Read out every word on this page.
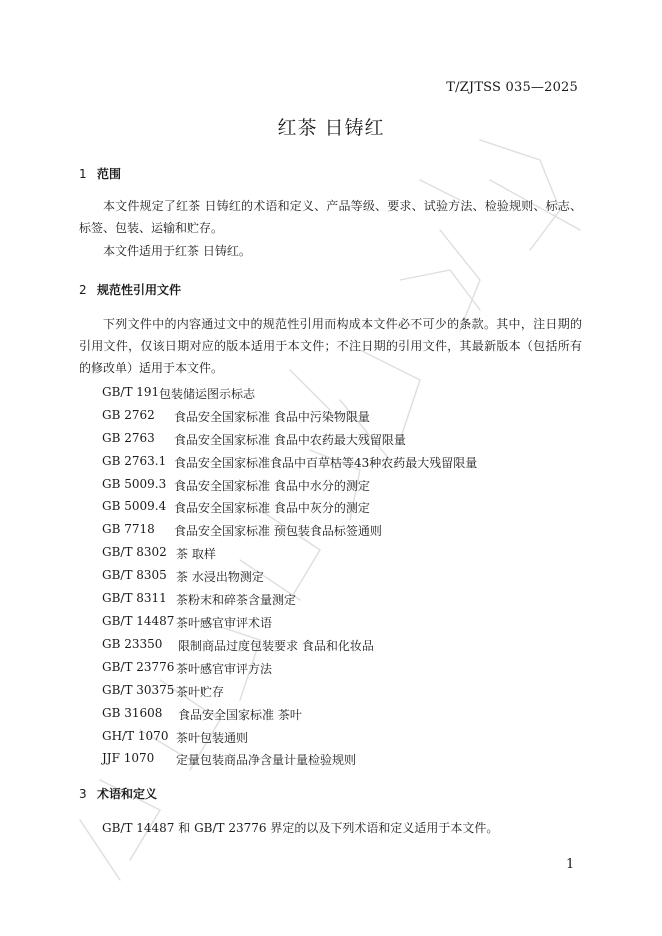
T/ZJTSS 035—2025
红茶 日铸红
1 范围

本文件规定了红茶 日铸红的术语和定义、产品等级、要求、试验方法、检验规则、标志、标签、包装、运输和贮存。

本文件适用于红茶 日铸红。

2 规范性引用文件

下列文件中的内容通过文中的规范性引用而构成本文件必不可少的条款。其中，注日期的引用文件，仅该日期对应的版本适用于本文件；不注日期的引用文件，其最新版本（包括所有的修改单）适用于本文件。

GB/T 191 包装储运图示标志
GB 2762 食品安全国家标准 食品中污染物限量
GB 2763 食品安全国家标准 食品中农药最大残留限量
GB 2763.1 食品安全国家标准食品中百草枯等43种农药最大残留限量
GB 5009.3 食品安全国家标准 食品中水分的测定
GB 5009.4 食品安全国家标准 食品中灰分的测定
GB 7718 食品安全国家标准 预包装食品标签通则
GB/T 8302 茶 取样
GB/T 8305 茶 水浸出物测定
GB/T 8311 茶粉末和碎茶含量测定
GB/T 14487 茶叶感官审评术语
GB 23350 限制商品过度包装要求 食品和化妆品
GB/T 23776 茶叶感官审评方法
GB/T 30375 茶叶贮存
GB 31608 食品安全国家标准 茶叶
GH/T 1070 茶叶包装通则
JJF 1070 定量包装商品净含量计量检验规则
3 术语和定义

GB/T 14487 和 GB/T 23776 界定的以及下列术语和定义适用于本文件。

1
